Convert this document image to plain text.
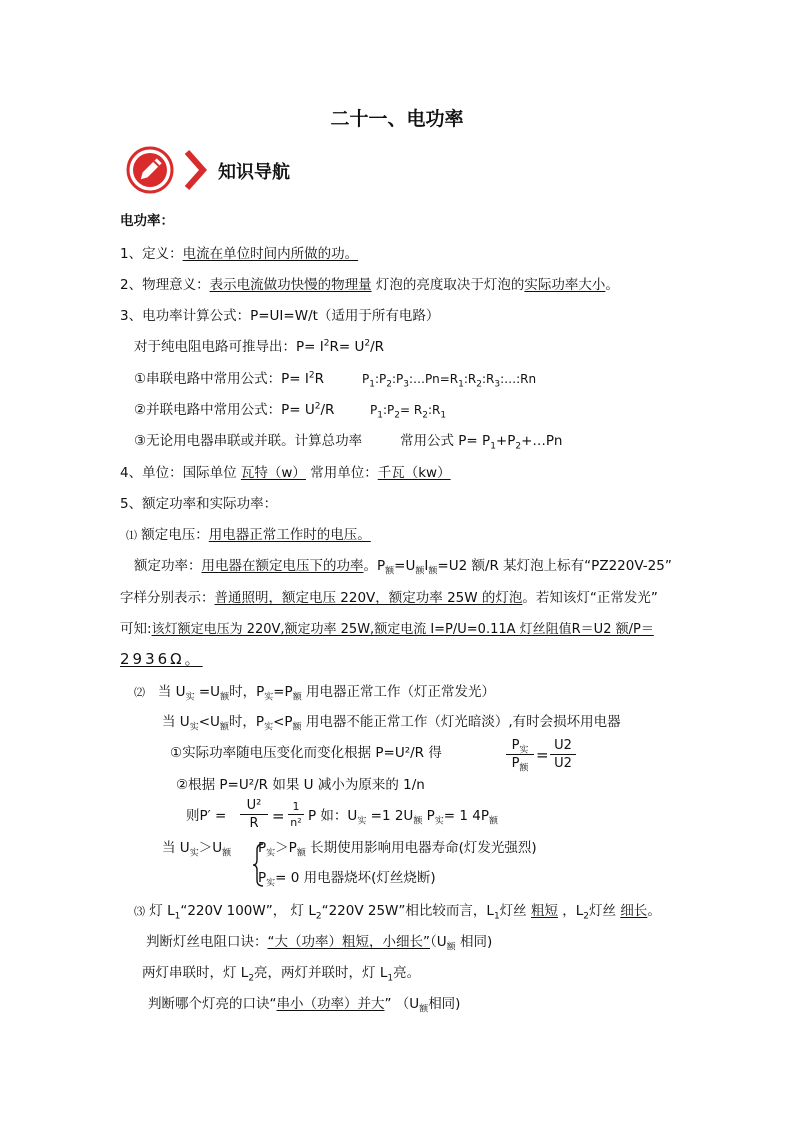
二十一、电功率
知识导航
电功率：
1、定义：电流在单位时间内所做的功。
2、物理意义：表示电流做功快慢的物理量 灯泡的亮度取决于灯泡的实际功率大小。
3、电功率计算公式：P=UI=W/t（适用于所有电路）
对于纯电阻电路可推导出：$P= I^2R= U^2/R$
①串联电路中常用公式：$P= I^2R$	$P_1:P_2:P_3:\dots Pn=R_1:R_2:R_3:\dots:Rn$
②并联电路中常用公式：$P= U^2/R$	$P_1:P_2=$ $R_2:R_1$
③无论用电器串联或并联。计算总功率	常用公式 $P= P_1+P_2+\dots Pn$
4、单位：国际单位 瓦特（w） 常用单位：千瓦（kw）
5、额定功率和实际功率：
⑴ 额定电压：用电器正常工作时的电压。
额定功率：用电器在额定电压下的功率。$P_额=U_额I_额=U2$ 额/R 某灯泡上标有“PZ220V-25”
字样分别表示：普通照明，额定电压 220V，额定功率 25W 的灯泡。若知该灯“正常发光”
可知:该灯额定电压为 220V,额定功率 25W,额定电流 I=P/U=0.11A 灯丝阻值R＝U2 额/P＝
2936Ω。
⑵ 当 $U_实 =U_额$时，$P_实=P_额$ 用电器正常工作（灯正常发光）
当 $U_实<U_额$时，$P_实<P_额$ 用电器不能正常工作（灯光暗淡）,有时会损坏用电器
①实际功率随电压变化而变化根据 P=U²/R 得	$P_实$
$P_额$
=
U2
U2
②根据 P=U²/R 如果 U 减小为原来的 1/n
则P′ =
U²
R =
1
n² P 如：$U_实 =1$ $2U_额$ $P_实= 1$ $4P_额$
当 $U_实>U_额$ $P_实>P_额$ 长期使用影响用电器寿命(灯发光强烈)
$P_实= 0$ 用电器烧坏(灯丝烧断)
⑶ 灯 $L_1“220V$ 100W”， 灯 $L_2“220V$ 25W”相比较而言，$L_1$灯丝 粗短 ，$L_2$灯丝 细长。
判断灯丝电阻口诀：“大（功率）粗短，小细长$”(U_额$ 相同)
两灯串联时，灯 $L_2$亮，两灯并联时，灯 $L_1$亮。
判断哪个灯亮的口诀“串小（功率）并大” （$U_额$相同)
